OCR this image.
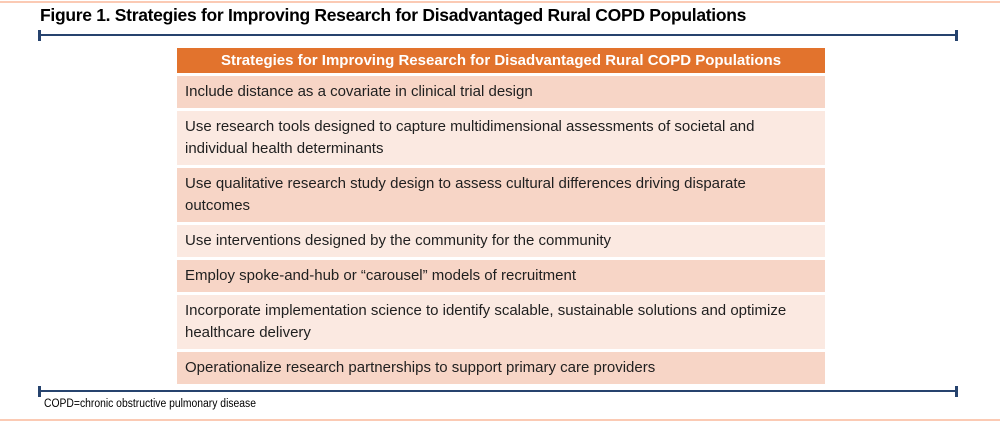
Figure 1. Strategies for Improving Research for Disadvantaged Rural COPD Populations
Strategies for Improving Research for Disadvantaged Rural COPD Populations
Include distance as a covariate in clinical trial design
Use research tools designed to capture multidimensional assessments of societal and individual health determinants
Use qualitative research study design to assess cultural differences driving disparate outcomes
Use interventions designed by the community for the community
Employ spoke-and-hub or “carousel” models of recruitment
Incorporate implementation science to identify scalable, sustainable solutions and optimize healthcare delivery
Operationalize research partnerships to support primary care providers
COPD=chronic obstructive pulmonary disease
